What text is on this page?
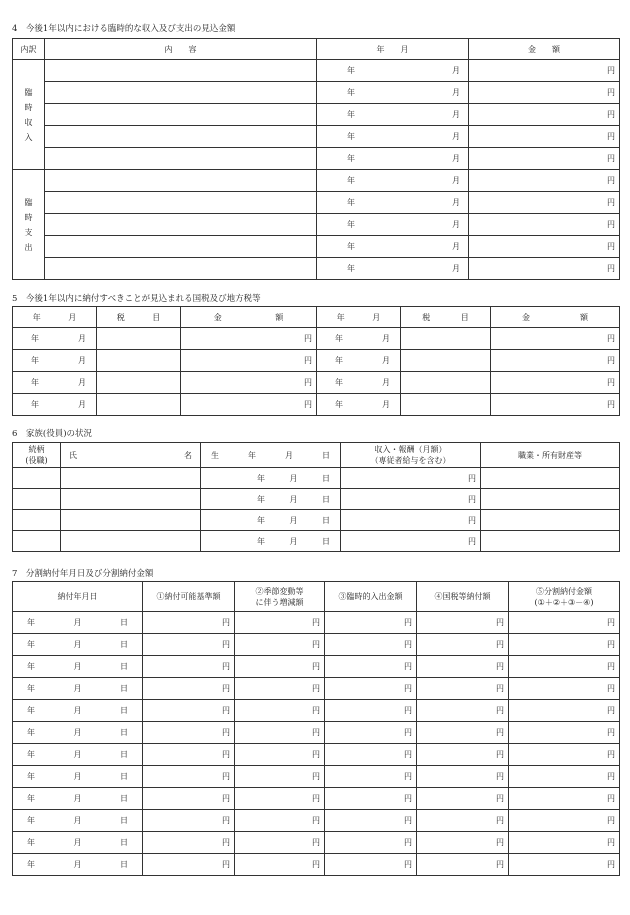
4　今後1年以内における臨時的な収入及び支出の見込金額
内訳	内　　容	年　　月	金　　額

臨
時
収
入		年 月	円

		年 月	円

		年 月	円

		年 月	円

		年 月	円

臨
時
支
出		年 月	円

		年 月	円

		年 月	円

		年 月	円

		年 月	円
5　今後1年以内に納付すべきことが見込まれる国税及び地方税等
年 月	税 目	金 額	年 月	税 目	金 額

年 月		円	年 月		円

年 月		円	年 月		円

年 月		円	年 月		円

年 月		円	年 月		円
6　家族(役員)の状況
続柄
(役職)	氏 名	生 年 月 日	収入・報酬（月額）
（専従者給与を含む）	職業・所有財産等

		年 月 日	円	

		年 月 日	円	

		年 月 日	円	

		年 月 日	円	
7　分割納付年月日及び分割納付金額
納付年月日	①納付可能基準額	②季節変動等
に伴う増減額	③臨時的入出金額	④国税等納付額	⑤分割納付金額
(①＋②＋③－④)

年 月 日	円	円	円	円	円

年 月 日	円	円	円	円	円

年 月 日	円	円	円	円	円

年 月 日	円	円	円	円	円

年 月 日	円	円	円	円	円

年 月 日	円	円	円	円	円

年 月 日	円	円	円	円	円

年 月 日	円	円	円	円	円

年 月 日	円	円	円	円	円

年 月 日	円	円	円	円	円

年 月 日	円	円	円	円	円

年 月 日	円	円	円	円	円
